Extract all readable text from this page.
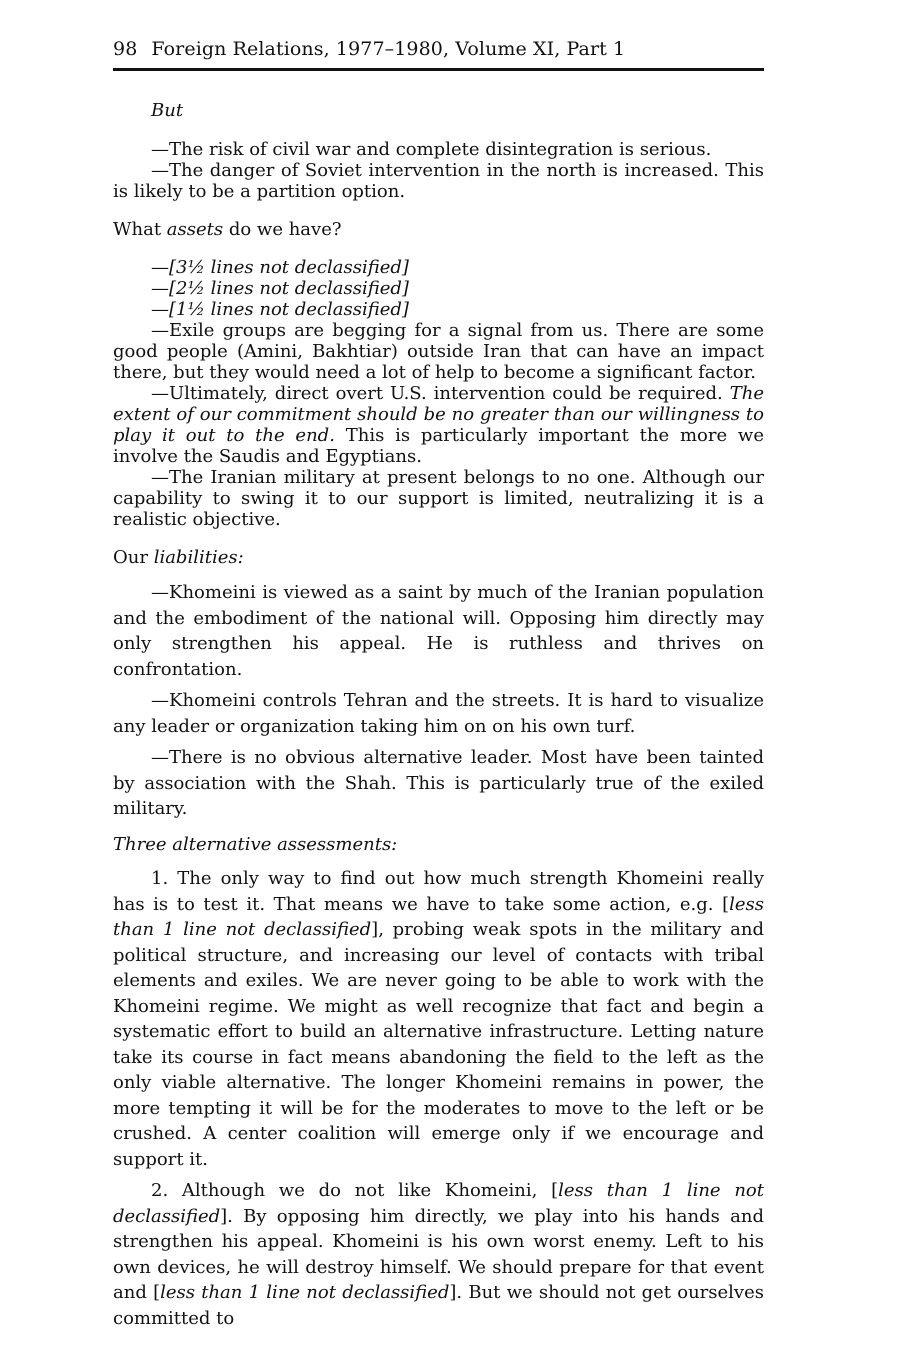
98 Foreign Relations, 1977–1980, Volume XI, Part 1

But

—The risk of civil war and complete disintegration is serious.

—The danger of Soviet intervention in the north is increased. This is likely to be a partition option.

What assets do we have?

—[3½ lines not declassified]

—[2½ lines not declassified]

—[1½ lines not declassified]

—Exile groups are begging for a signal from us. There are some good people (Amini, Bakhtiar) outside Iran that can have an impact there, but they would need a lot of help to become a significant factor.

—Ultimately, direct overt U.S. intervention could be required. The extent of our commitment should be no greater than our willingness to play it out to the end. This is particularly important the more we involve the Saudis and Egyptians.

—The Iranian military at present belongs to no one. Although our capability to swing it to our support is limited, neutralizing it is a realistic objective.

Our liabilities:

—Khomeini is viewed as a saint by much of the Iranian population and the embodiment of the national will. Opposing him directly may only strengthen his appeal. He is ruthless and thrives on confrontation.

—Khomeini controls Tehran and the streets. It is hard to visualize any leader or organization taking him on on his own turf.

—There is no obvious alternative leader. Most have been tainted by association with the Shah. This is particularly true of the exiled military.

Three alternative assessments:

1. The only way to find out how much strength Khomeini really has is to test it. That means we have to take some action, e.g. [less than 1 line not declassified], probing weak spots in the military and political structure, and increasing our level of contacts with tribal elements and exiles. We are never going to be able to work with the Khomeini regime. We might as well recognize that fact and begin a systematic effort to build an alternative infrastructure. Letting nature take its course in fact means abandoning the field to the left as the only viable alternative. The longer Khomeini remains in power, the more tempting it will be for the moderates to move to the left or be crushed. A center coalition will emerge only if we encourage and support it.

2. Although we do not like Khomeini, [less than 1 line not declassified]. By opposing him directly, we play into his hands and strengthen his appeal. Khomeini is his own worst enemy. Left to his own devices, he will destroy himself. We should prepare for that event and [less than 1 line not declassified]. But we should not get ourselves committed to
